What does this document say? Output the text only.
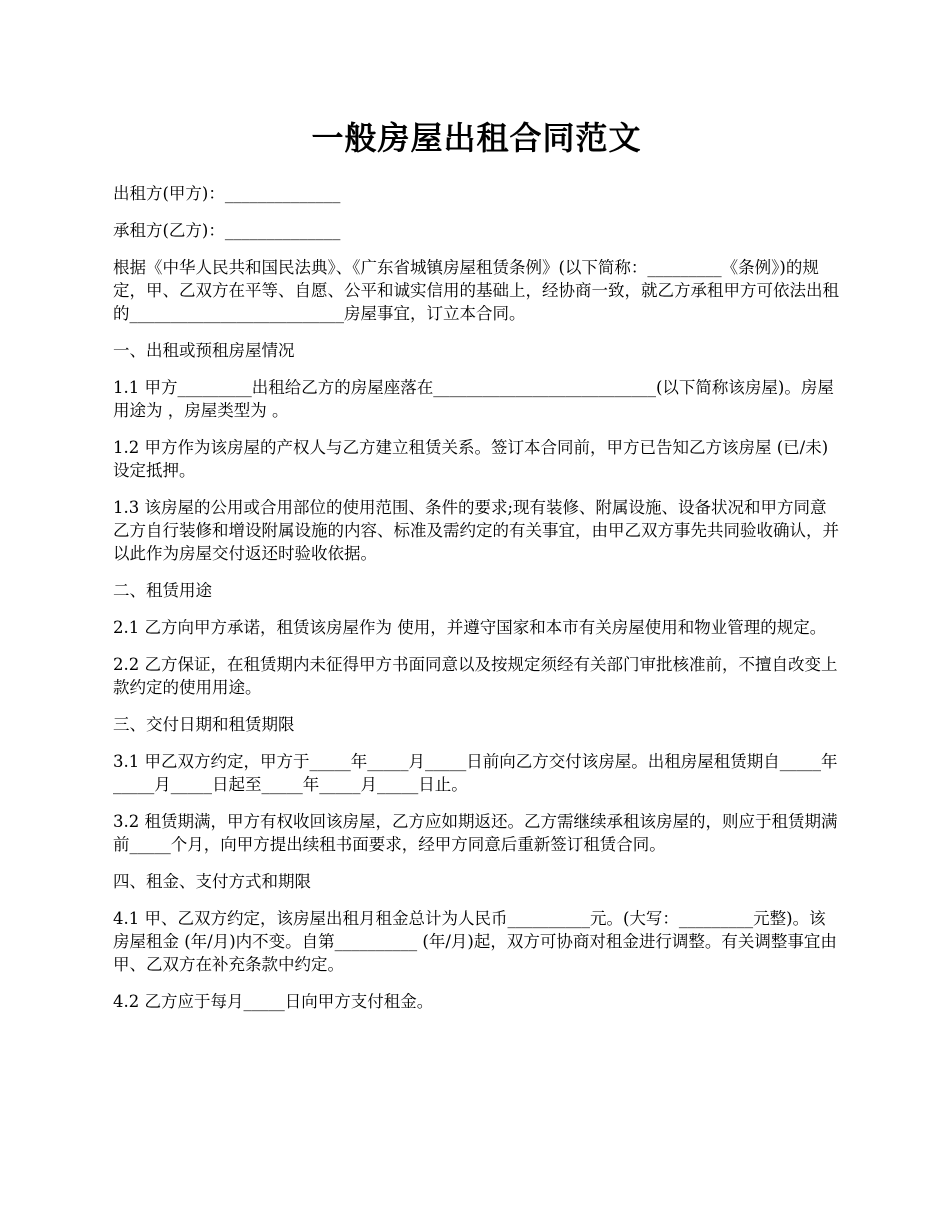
一般房屋出租合同范文

出租方(甲方)：______________

承租方(乙方)：______________

根据《中华人民共和国民法典》、《广东省城镇房屋租赁条例》(以下简称：_________《条例》)的规定，甲、乙双方在平等、自愿、公平和诚实信用的基础上，经协商一致，就乙方承租甲方可依法出租的__________________________房屋事宜，订立本合同。

一、出租或预租房屋情况

1.1 甲方_________出租给乙方的房屋座落在___________________________(以下简称该房屋)。房屋用途为 ，房屋类型为 。

1.2 甲方作为该房屋的产权人与乙方建立租赁关系。签订本合同前，甲方已告知乙方该房屋 (已/未)设定抵押。

1.3 该房屋的公用或合用部位的使用范围、条件的要求;现有装修、附属设施、设备状况和甲方同意乙方自行装修和增设附属设施的内容、标准及需约定的有关事宜，由甲乙双方事先共同验收确认，并以此作为房屋交付返还时验收依据。

二、租赁用途

2.1 乙方向甲方承诺，租赁该房屋作为 使用，并遵守国家和本市有关房屋使用和物业管理的规定。

2.2 乙方保证，在租赁期内未征得甲方书面同意以及按规定须经有关部门审批核准前，不擅自改变上款约定的使用用途。

三、交付日期和租赁期限

3.1 甲乙双方约定，甲方于_____年_____月_____日前向乙方交付该房屋。出租房屋租赁期自_____年_____月_____日起至_____年_____月_____日止。

3.2 租赁期满，甲方有权收回该房屋，乙方应如期返还。乙方需继续承租该房屋的，则应于租赁期满前_____个月，向甲方提出续租书面要求，经甲方同意后重新签订租赁合同。

四、租金、支付方式和期限

4.1 甲、乙双方约定，该房屋出租月租金总计为人民币__________元。(大写：_________元整)。该房屋租金 (年/月)内不变。自第__________ (年/月)起，双方可协商对租金进行调整。有关调整事宜由甲、乙双方在补充条款中约定。

4.2 乙方应于每月_____日向甲方支付租金。
